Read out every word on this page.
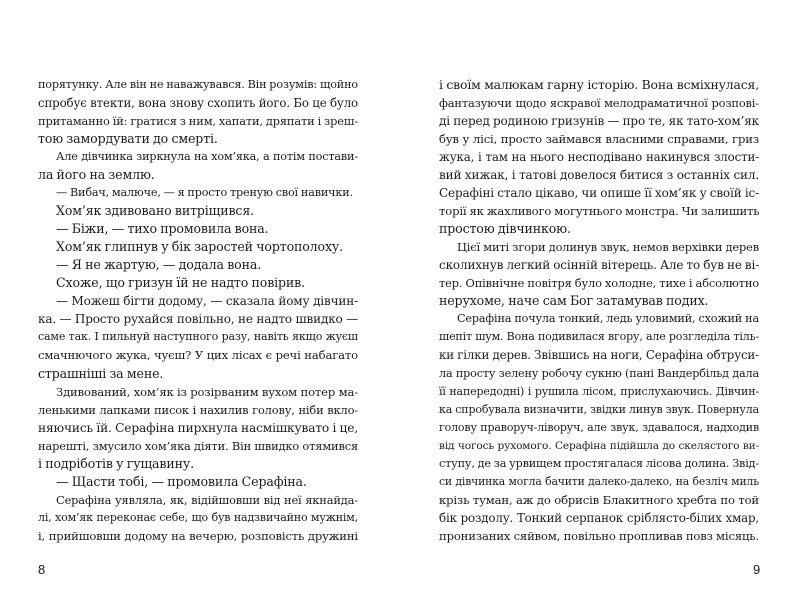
порятунку. Але він не наважувався. Він розумів: щойно
спробує втекти, вона знову схопить його. Бо це було
притаманно їй: гратися з ним, хапати, дряпати і зреш-
тою замордувати до смерті.
Але дівчинка зиркнула на хом’яка, а потім постави-
ла його на землю.
— Вибач, малюче, — я просто треную свої навички.
Хом’як здивовано витріщився.
— Біжи, — тихо промовила вона.
Хом’як глипнув у бік заростей чортополоху.
— Я не жартую, — додала вона.
Схоже, що гризун їй не надто повірив.
— Можеш бігти додому, — сказала йому дівчин-
ка. — Просто рухайся повільно, не надто швидко —
саме так. І пильнуй наступного разу, навіть якщо жуєш
смачнючого жука, чуєш? У цих лісах є речі набагато
страшніші за мене.
Здивований, хом’як із розірваним вухом потер ма-
ленькими лапками писок і нахилив голову, ніби вкло-
няючись їй. Серафіна пирхнула насмішкувато і це,
нарешті, змусило хом’яка діяти. Він швидко отямився
і подріботів у гущавину.
— Щасти тобі, — промовила Серафіна.
Серафіна уявляла, як, відійшовши від неї якнайда-
лі, хом’як переконає себе, що був надзвичайно мужнім,
і, прийшовши додому на вечерю, розповість дружині
і своїм малюкам гарну історію. Вона всміхнулася,
фантазуючи щодо яскравої мелодраматичної розпові-
ді перед родиною гризунів — про те, як тато-хом’як
був у лісі, просто займався власними справами, гриз
жука, і там на нього несподівано накинувся злости-
вий хижак, і татові довелося битися з останніх сил.
Серафіні стало цікаво, чи опише її хом’як у своїй іс-
торії як жахливого могутнього монстра. Чи залишить
простою дівчинкою.
Цієї миті згори долинув звук, немов верхівки дерев
сколихнув легкий осінній вітерець. Але то був не ві-
тер. Опівнічне повітря було холодне, тихе і абсолютно
нерухоме, наче сам Бог затамував подих.
Серафіна почула тонкий, ледь уловимий, схожий на
шепіт шум. Вона подивилася вгору, але розгледіла тіль-
ки гілки дерев. Звівшись на ноги, Серафіна обтруси-
ла просту зелену робочу сукню (пані Вандербільд дала
її напередодні) і рушила лісом, прислухаючись. Дівчин-
ка спробувала визначити, звідки линув звук. Повернула
голову праворуч-ліворуч, але звук, здавалося, надходив
від чогось рухомого. Серафіна підійшла до скелястого ви-
ступу, де за урвищем простягалася лісова долина. Звід-
си дівчинка могла бачити далеко-далеко, на безліч миль
крізь туман, аж до обрисів Блакитного хребта по той
бік роздолу. Тонкий серпанок сріблясто-білих хмар,
пронизаних сяйвом, повільно пропливав повз місяць.
8	9
